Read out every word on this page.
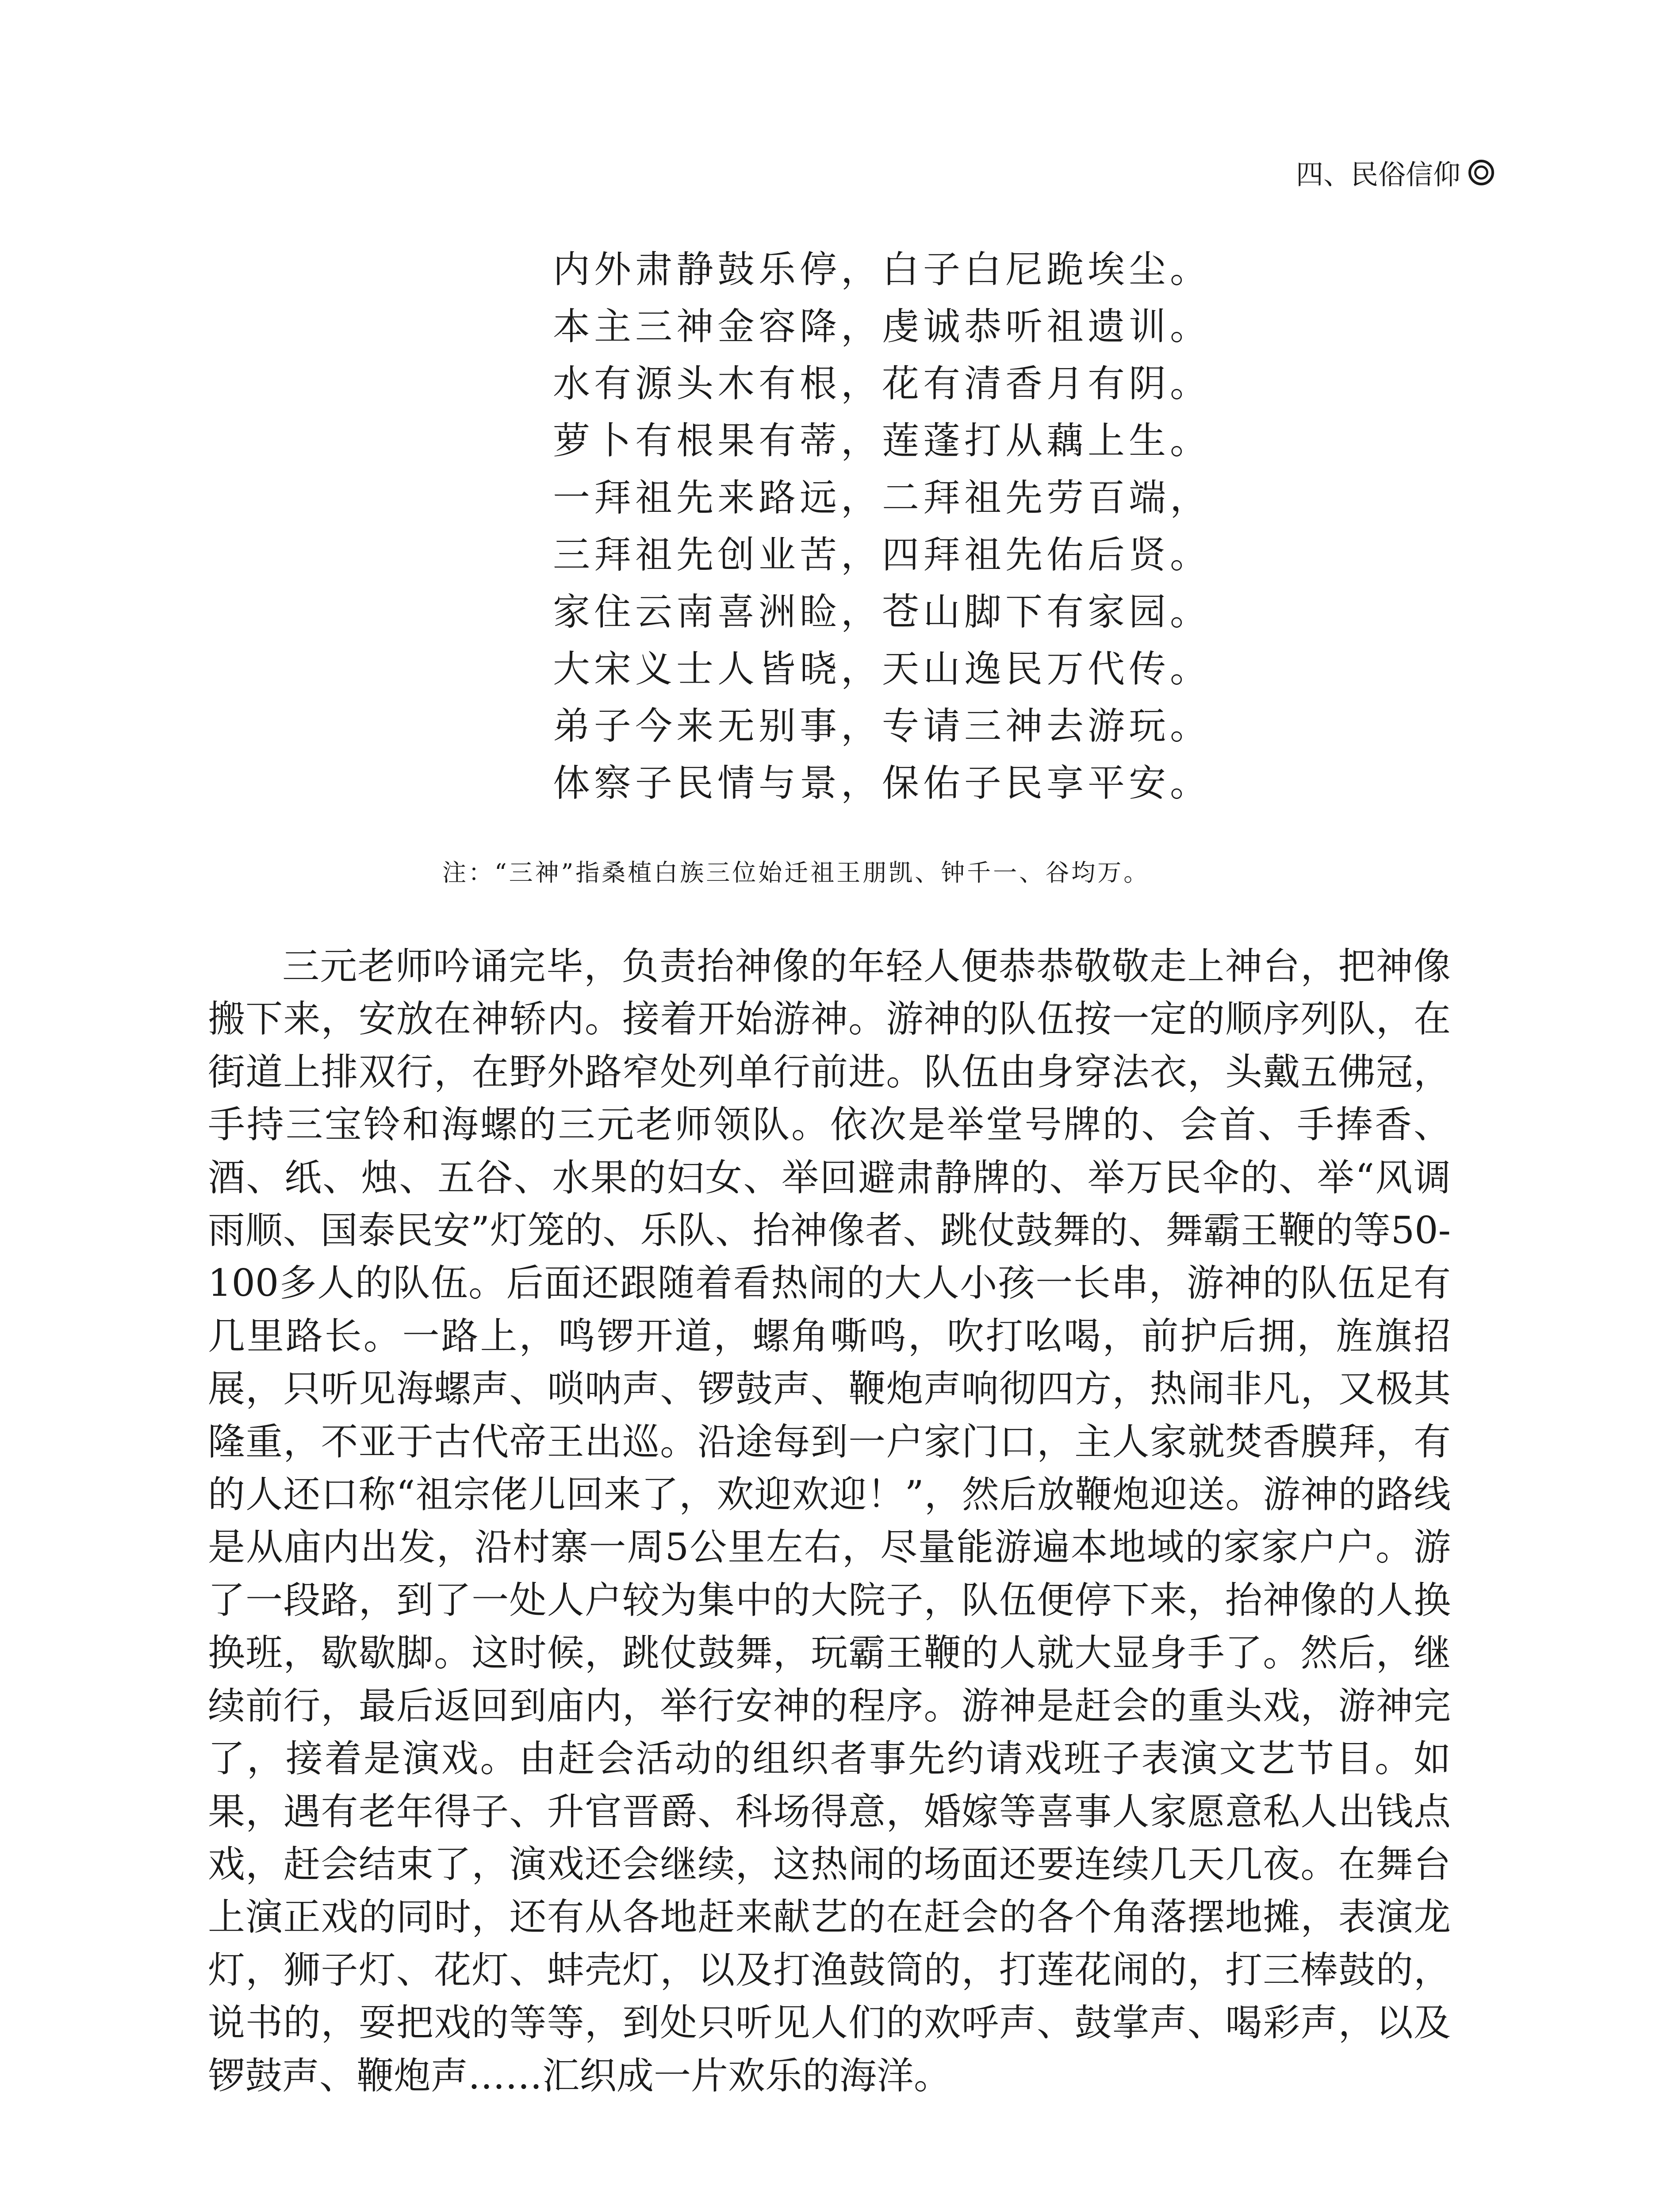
四、民俗信仰
内外肃静鼓乐停，白子白尼跪埃尘。
本主三神金容降，虔诚恭听祖遗训。
水有源头木有根，花有清香月有阴。
萝卜有根果有蒂，莲蓬打从藕上生。
一拜祖先来路远，二拜祖先劳百端，
三拜祖先创业苦，四拜祖先佑后贤。
家住云南喜洲睑，苍山脚下有家园。
大宋义士人皆晓，天山逸民万代传。
弟子今来无别事，专请三神去游玩。
体察子民情与景，保佑子民享平安。
注：“三神”指桑植白族三位始迁祖王朋凯、钟千一、谷均万。

三元老师吟诵完毕，负责抬神像的年轻人便恭恭敬敬走上神台，把神像搬下来，安放在神轿内。接着开始游神。游神的队伍按一定的顺序列队，在街道上排双行，在野外路窄处列单行前进。队伍由身穿法衣，头戴五佛冠，手持三宝铃和海螺的三元老师领队。依次是举堂号牌的、会首、手捧香、酒、纸、烛、五谷、水果的妇女、举回避肃静牌的、举万民伞的、举“风调雨顺、国泰民安”灯笼的、乐队、抬神像者、跳仗鼓舞的、舞霸王鞭的等50-100多人的队伍。后面还跟随着看热闹的大人小孩一长串，游神的队伍足有几里路长。一路上，鸣锣开道，螺角嘶鸣，吹打吆喝，前护后拥，旌旗招展，只听见海螺声、唢呐声、锣鼓声、鞭炮声响彻四方，热闹非凡，又极其隆重，不亚于古代帝王出巡。沿途每到一户家门口，主人家就焚香膜拜，有的人还口称“祖宗佬儿回来了，欢迎欢迎！”，然后放鞭炮迎送。游神的路线是从庙内出发，沿村寨一周5公里左右，尽量能游遍本地域的家家户户。游了一段路，到了一处人户较为集中的大院子，队伍便停下来，抬神像的人换换班，歇歇脚。这时候，跳仗鼓舞，玩霸王鞭的人就大显身手了。然后，继续前行，最后返回到庙内，举行安神的程序。游神是赶会的重头戏，游神完了，接着是演戏。由赶会活动的组织者事先约请戏班子表演文艺节目。如果，遇有老年得子、升官晋爵、科场得意，婚嫁等喜事人家愿意私人出钱点戏，赶会结束了，演戏还会继续，这热闹的场面还要连续几天几夜。在舞台上演正戏的同时，还有从各地赶来献艺的在赶会的各个角落摆地摊，表演龙灯，狮子灯、花灯、蚌壳灯，以及打渔鼓筒的，打莲花闹的，打三棒鼓的，说书的，耍把戏的等等，到处只听见人们的欢呼声、鼓掌声、喝彩声，以及锣鼓声、鞭炮声……汇织成一片欢乐的海洋。
